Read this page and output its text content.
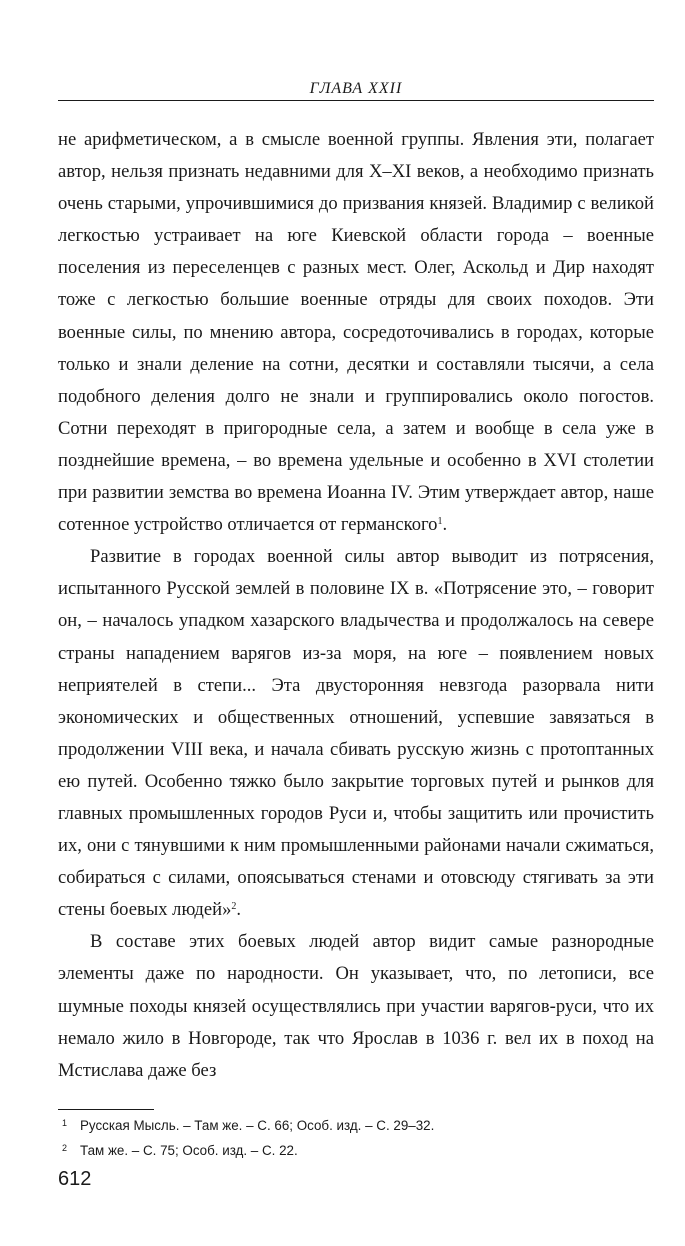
ГЛАВА XXII

не арифметическом, а в смысле военной группы. Явления эти, полагает автор, нельзя признать недавними для X–XI веков, а необходимо признать очень старыми, упрочившимися до призвания князей. Владимир с великой легкостью устраивает на юге Киевской области города – военные поселения из переселенцев с разных мест. Олег, Аскольд и Дир находят тоже с легкостью большие военные отряды для своих походов. Эти военные силы, по мнению автора, сосредоточивались в городах, которые только и знали деление на сотни, десятки и составляли тысячи, а села подобного деления долго не знали и группировались около погостов. Сотни переходят в пригородные села, а затем и вообще в села уже в позднейшие времена, – во времена удельные и особенно в XVI столетии при развитии земства во времена Иоанна IV. Этим утверждает автор, наше сотенное устройство отличается от германского$^1$.

Развитие в городах военной силы автор выводит из потрясения, испытанного Русской землей в половине IX в. «Потрясение это, – говорит он, – началось упадком хазарского владычества и продолжалось на севере страны нападением варягов из-за моря, на юге – появлением новых неприятелей в степи... Эта двусторонняя невзгода разорвала нити экономических и общественных отношений, успевшие завязаться в продолжении VIII века, и начала сбивать русскую жизнь с протоптанных ею путей. Особенно тяжко было закрытие торговых путей и рынков для главных промышленных городов Руси и, чтобы защитить или прочистить их, они с тянувшими к ним промышленными районами начали сжиматься, собираться с силами, опоясываться стенами и отовсюду стягивать за эти стены боевых людей»$^2$.

В составе этих боевых людей автор видит самые разнородные элементы даже по народности. Он указывает, что, по летописи, все шумные походы князей осуществлялись при участии варягов-руси, что их немало жило в Новгороде, так что Ярослав в 1036 г. вел их в поход на Мстислава даже без

1 Русская Мысль. – Там же. – С. 66; Особ. изд. – С. 29–32.
2 Там же. – С. 75; Особ. изд. – С. 22.
612
